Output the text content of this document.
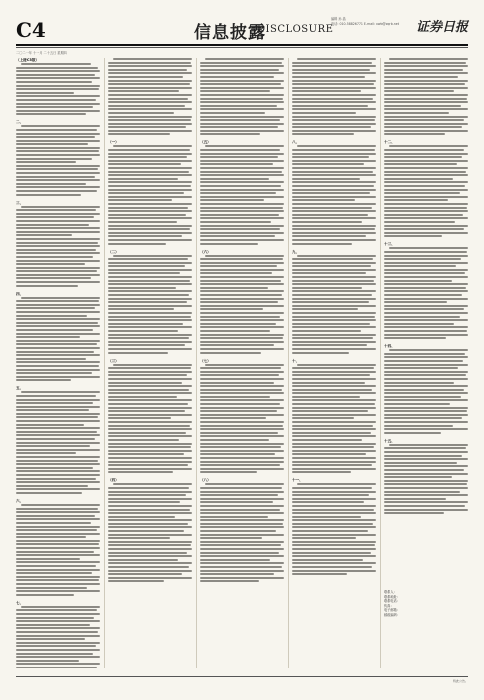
C4	信息披露
DISCLOSURE
编辑 孙 晶
电话: 010-58826771 E-mail: xwb@zqrb.net	证券日报
二〇二一年 十一月 二十五日 星期四
（上接C3版）
二、
三、
四、
五、
六、
七、
（一）
（二）
（三）
（四）
（五）
（六）
（七）
（八）
八、
九、
十、
十一、
十二、
十三、
十四、
十五、
联系人：
联系地址：
联系电话：
传真：
电子邮箱：
邮政编码：
特此公告。
